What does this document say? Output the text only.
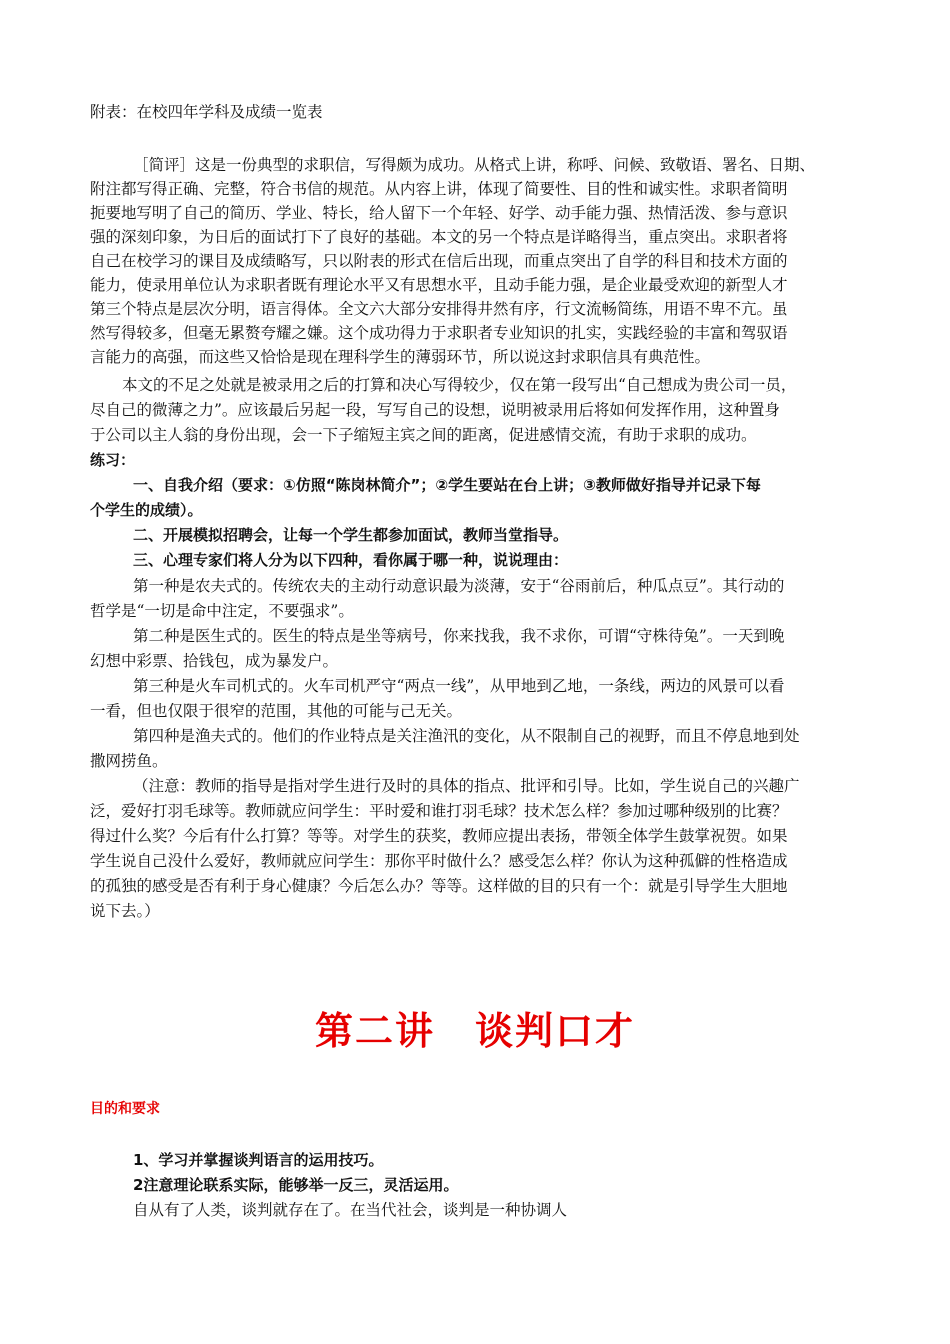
附表：在校四年学科及成绩一览表
［简评］这是一份典型的求职信，写得颇为成功。从格式上讲，称呼、问候、致敬语、署名、日期、
附注都写得正确、完整，符合书信的规范。从内容上讲，体现了简要性、目的性和诚实性。求职者简明
扼要地写明了自己的简历、学业、特长，给人留下一个年轻、好学、动手能力强、热情活泼、参与意识
强的深刻印象，为日后的面试打下了良好的基础。本文的另一个特点是详略得当，重点突出。求职者将
自己在校学习的课目及成绩略写，只以附表的形式在信后出现，而重点突出了自学的科目和技术方面的
能力，使录用单位认为求职者既有理论水平又有思想水平，且动手能力强，是企业最受欢迎的新型人才
第三个特点是层次分明，语言得体。全文六大部分安排得井然有序，行文流畅简练，用语不卑不亢。虽
然写得较多，但毫无累赘夸耀之嫌。这个成功得力于求职者专业知识的扎实，实践经验的丰富和驾驭语
言能力的高强，而这些又恰恰是现在理科学生的薄弱环节，所以说这封求职信具有典范性。
本文的不足之处就是被录用之后的打算和决心写得较少，仅在第一段写出“自己想成为贵公司一员，
尽自己的微薄之力”。应该最后另起一段，写写自己的设想，说明被录用后将如何发挥作用，这种置身
于公司以主人翁的身份出现，会一下子缩短主宾之间的距离，促进感情交流，有助于求职的成功。
练习：
一、自我介绍（要求：①仿照“陈岗林简介”；②学生要站在台上讲；③教师做好指导并记录下每
个学生的成绩）。
二、开展模拟招聘会，让每一个学生都参加面试，教师当堂指导。
三、心理专家们将人分为以下四种，看你属于哪一种，说说理由：
第一种是农夫式的。传统农夫的主动行动意识最为淡薄，安于“谷雨前后，种瓜点豆”。其行动的
哲学是“一切是命中注定，不要强求”。
第二种是医生式的。医生的特点是坐等病号，你来找我，我不求你，可谓“守株待兔”。一天到晚
幻想中彩票、拾钱包，成为暴发户。
第三种是火车司机式的。火车司机严守“两点一线”，从甲地到乙地，一条线，两边的风景可以看
一看，但也仅限于很窄的范围，其他的可能与己无关。
第四种是渔夫式的。他们的作业特点是关注渔汛的变化，从不限制自己的视野，而且不停息地到处
撒网捞鱼。
（注意：教师的指导是指对学生进行及时的具体的指点、批评和引导。比如，学生说自己的兴趣广
泛，爱好打羽毛球等。教师就应问学生：平时爱和谁打羽毛球？技术怎么样？参加过哪种级别的比赛？
得过什么奖？今后有什么打算？等等。对学生的获奖，教师应提出表扬，带领全体学生鼓掌祝贺。如果
学生说自己没什么爱好，教师就应问学生：那你平时做什么？感受怎么样？你认为这种孤僻的性格造成
的孤独的感受是否有利于身心健康？今后怎么办？等等。这样做的目的只有一个：就是引导学生大胆地
说下去。）
第二讲　谈判口才
目的和要求
1、学习并掌握谈判语言的运用技巧。
2注意理论联系实际，能够举一反三，灵活运用。
自从有了人类，谈判就存在了。在当代社会，谈判是一种协调人
